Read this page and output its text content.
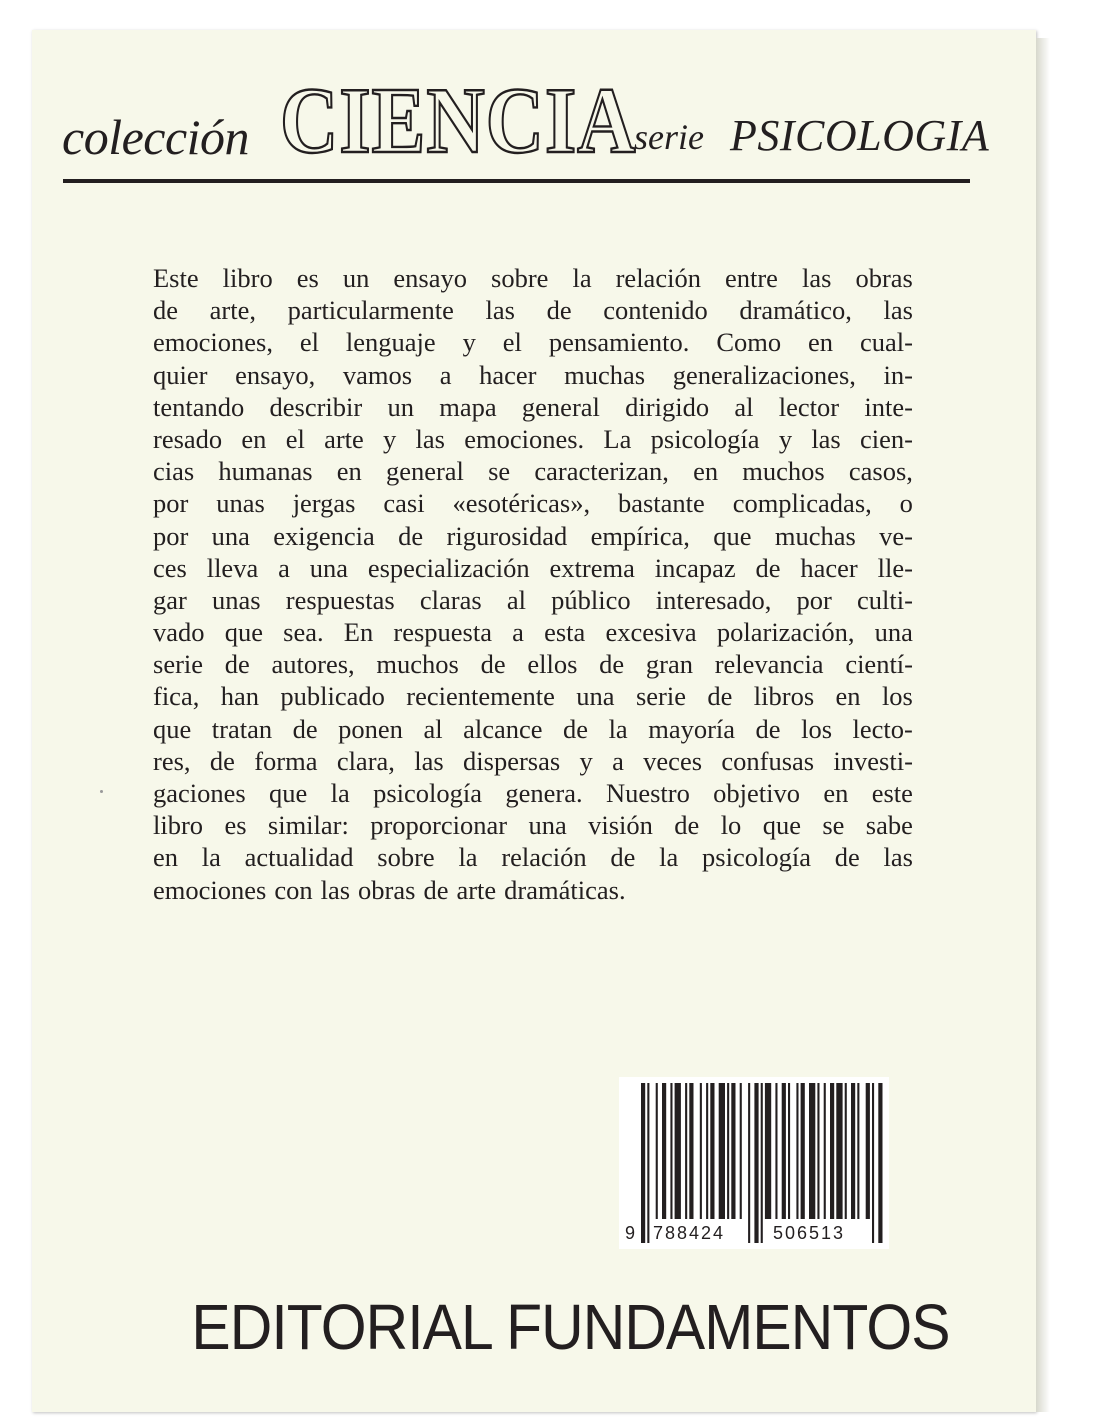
colección CIENCIA
serie PSICOLOGIA
Este libro es un ensayo sobre la relación entre las obras
de arte, particularmente las de contenido dramático, las
emociones, el lenguaje y el pensamiento. Como en cual-
quier ensayo, vamos a hacer muchas generalizaciones, in-
tentando describir un mapa general dirigido al lector inte-
resado en el arte y las emociones. La psicología y las cien-
cias humanas en general se caracterizan, en muchos casos,
por unas jergas casi «esotéricas», bastante complicadas, o
por una exigencia de rigurosidad empírica, que muchas ve-
ces lleva a una especialización extrema incapaz de hacer lle-
gar unas respuestas claras al público interesado, por culti-
vado que sea. En respuesta a esta excesiva polarización, una
serie de autores, muchos de ellos de gran relevancia cientí-
fica, han publicado recientemente una serie de libros en los
que tratan de ponen al alcance de la mayoría de los lecto-
res, de forma clara, las dispersas y a veces confusas investi-
gaciones que la psicología genera. Nuestro objetivo en este
libro es similar: proporcionar una visión de lo que se sabe
en la actualidad sobre la relación de la psicología de las
emociones con las obras de arte dramáticas.
9 788424	506513
EDITORIAL FUNDAMENTOS
